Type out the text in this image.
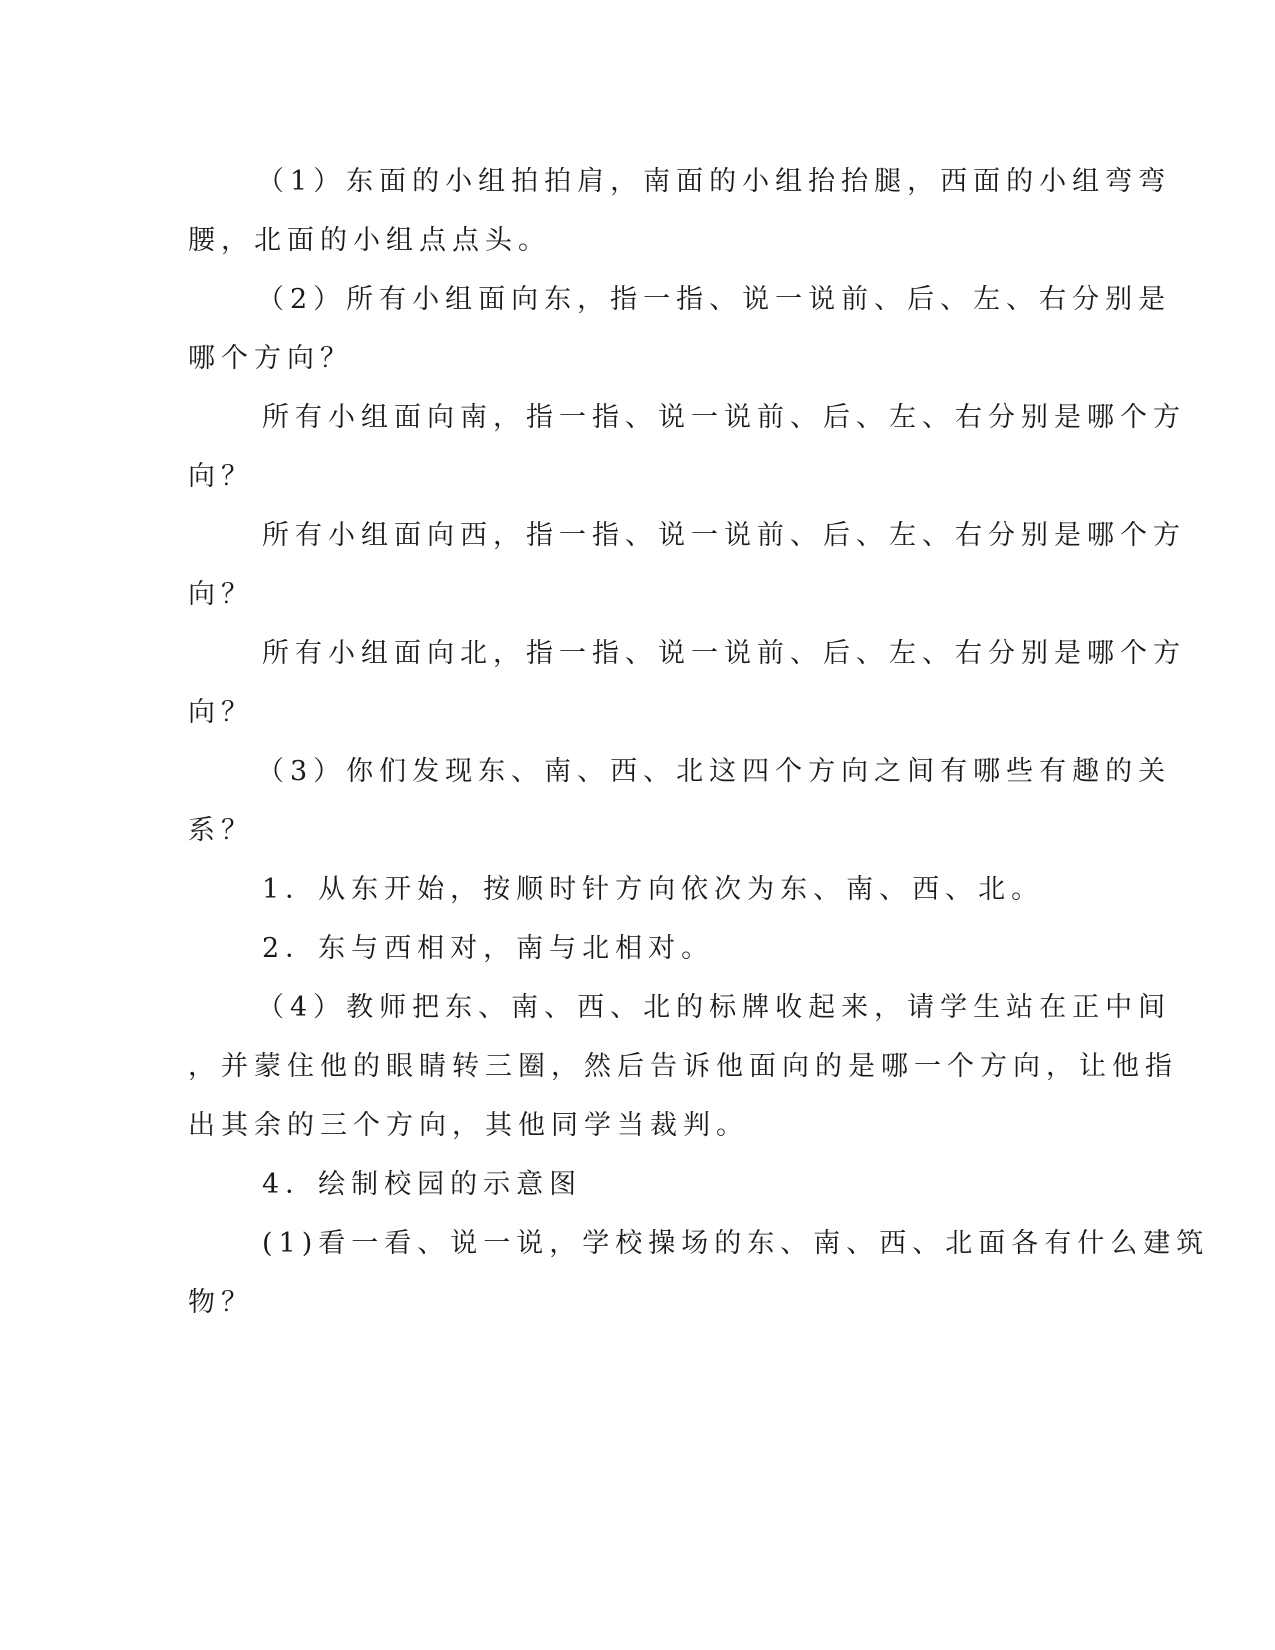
（1）东面的小组拍拍肩，南面的小组抬抬腿，西面的小组弯弯
腰，北面的小组点点头。
（2）所有小组面向东，指一指、说一说前、后、左、右分别是
哪个方向？
所有小组面向南，指一指、说一说前、后、左、右分别是哪个方
向？
所有小组面向西，指一指、说一说前、后、左、右分别是哪个方
向？
所有小组面向北，指一指、说一说前、后、左、右分别是哪个方
向？
（3）你们发现东、南、西、北这四个方向之间有哪些有趣的关
系？
1．从东开始，按顺时针方向依次为东、南、西、北。
2．东与西相对，南与北相对。
（4）教师把东、南、西、北的标牌收起来，请学生站在正中间
，并蒙住他的眼睛转三圈，然后告诉他面向的是哪一个方向，让他指
出其余的三个方向，其他同学当裁判。
4．绘制校园的示意图
(1)看一看、说一说，学校操场的东、南、西、北面各有什么建筑
物？
